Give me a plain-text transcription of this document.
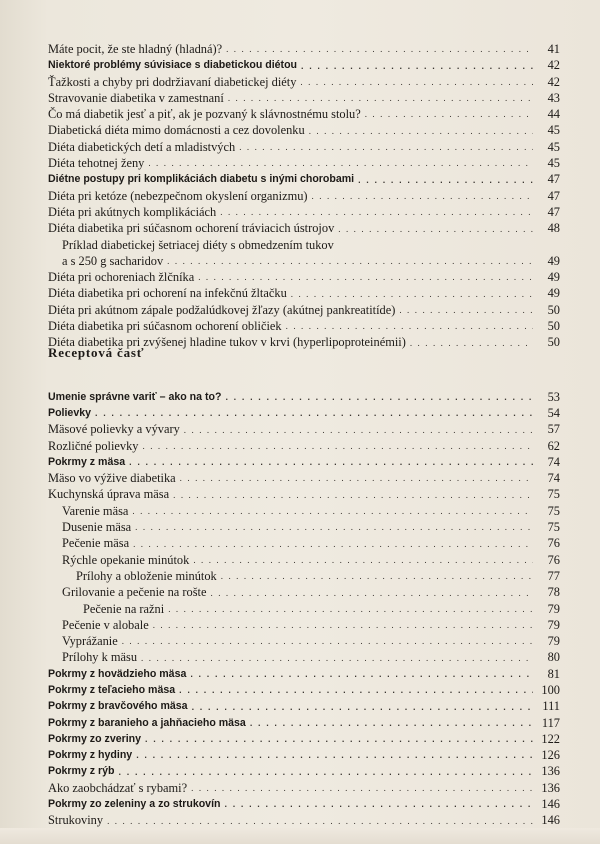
Máte pocit, že ste hladný (hladná)? . . .	41
Niektoré problémy súvisiace s diabetickou diétou . . .	42
Ťažkosti a chyby pri dodržiavaní diabetickej diéty . . .	42
Stravovanie diabetika v zamestnaní . . .	43
Čo má diabetik jesť a piť, ak je pozvaný k slávnostnému stolu? . . .	44
Diabetická diéta mimo domácnosti a cez dovolenku . . .	45
Diéta diabetických detí a mladistvých . . .	45
Diéta tehotnej ženy . . .	45
Diétne postupy pri komplikáciách diabetu s inými chorobami . . .	47
Diéta pri ketóze (nebezpečnom okyslení organizmu) . . .	47
Diéta pri akútnych komplikáciách . . .	47
Diéta diabetika pri súčasnom ochorení tráviacich ústrojov . . .	48
Príklad diabetickej šetriacej diéty s obmedzením tukov
a s 250 g sacharidov . . .	49
Diéta pri ochoreniach žlčníka . . .	49
Diéta diabetika pri ochorení na infekčnú žltačku . . .	49
Diéta pri akútnom zápale podžalúdkovej žľazy (akútnej pankreatitíde) . . .	50
Diéta diabetika pri súčasnom ochorení obličiek . . .	50
Diéta diabetika pri zvýšenej hladine tukov v krvi (hyperlipoproteinémii) . . .	50
Umenie správne variť – ako na to? . . .	53
Polievky . . .	54
Mäsové polievky a vývary . . .	57
Rozličné polievky . . .	62
Pokrmy z mäsa . . .	74
Mäso vo výžive diabetika . . .	74
Kuchynská úprava mäsa . . .	75
Varenie mäsa . . .	75
Dusenie mäsa . . .	75
Pečenie mäsa . . .	76
Rýchle opekanie minútok . . .	76
Prílohy a obloženie minútok . . .	77
Grilovanie a pečenie na rošte . . .	78
Pečenie na ražni . . .	79
Pečenie v alobale . . .	79
Vyprážanie . . .	79
Prílohy k mäsu . . .	80
Pokrmy z hovädzieho mäsa . . .	81
Pokrmy z teľacieho mäsa . . .	100
Pokrmy z bravčového mäsa . . .	111
Pokrmy z baranieho a jahňacieho mäsa . . .	117
Pokrmy zo zveriny . . .	122
Pokrmy z hydiny . . .	126
Pokrmy z rýb . . .	136
Ako zaobchádzať s rybami? . . .	136
Pokrmy zo zeleniny a zo strukovín . . .	146
Strukoviny . . .	146
Receptová časť
